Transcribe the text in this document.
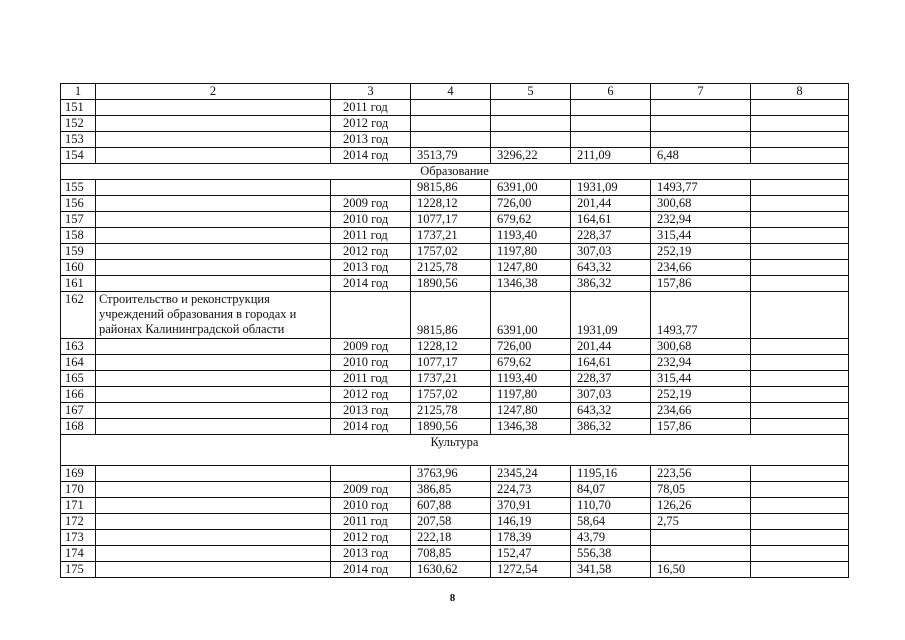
1	2	3	4	5	6	7	8
151		2011 год					
152		2012 год					
153		2013 год					
154		2014 год	3513,79	3296,22	211,09	6,48	
Образование							
155			9815,86	6391,00	1931,09	1493,77	
156		2009 год	1228,12	726,00	201,44	300,68	
157		2010 год	1077,17	679,62	164,61	232,94	
158		2011 год	1737,21	1193,40	228,37	315,44	
159		2012 год	1757,02	1197,80	307,03	252,19	
160		2013 год	2125,78	1247,80	643,32	234,66	
161		2014 год	1890,56	1346,38	386,32	157,86	
162	Строительство и реконструкция учреждений образования в городах и районах Калининградской области		9815,86	6391,00	1931,09	1493,77	
163		2009 год	1228,12	726,00	201,44	300,68	
164		2010 год	1077,17	679,62	164,61	232,94	
165		2011 год	1737,21	1193,40	228,37	315,44	
166		2012 год	1757,02	1197,80	307,03	252,19	
167		2013 год	2125,78	1247,80	643,32	234,66	
168		2014 год	1890,56	1346,38	386,32	157,86	
Культура							
169			3763,96	2345,24	1195,16	223,56	
170		2009 год	386,85	224,73	84,07	78,05	
171		2010 год	607,88	370,91	110,70	126,26	
172		2011 год	207,58	146,19	58,64	2,75	
173		2012 год	222,18	178,39	43,79		
174		2013 год	708,85	152,47	556,38		
175		2014 год	1630,62	1272,54	341,58	16,50	
8
